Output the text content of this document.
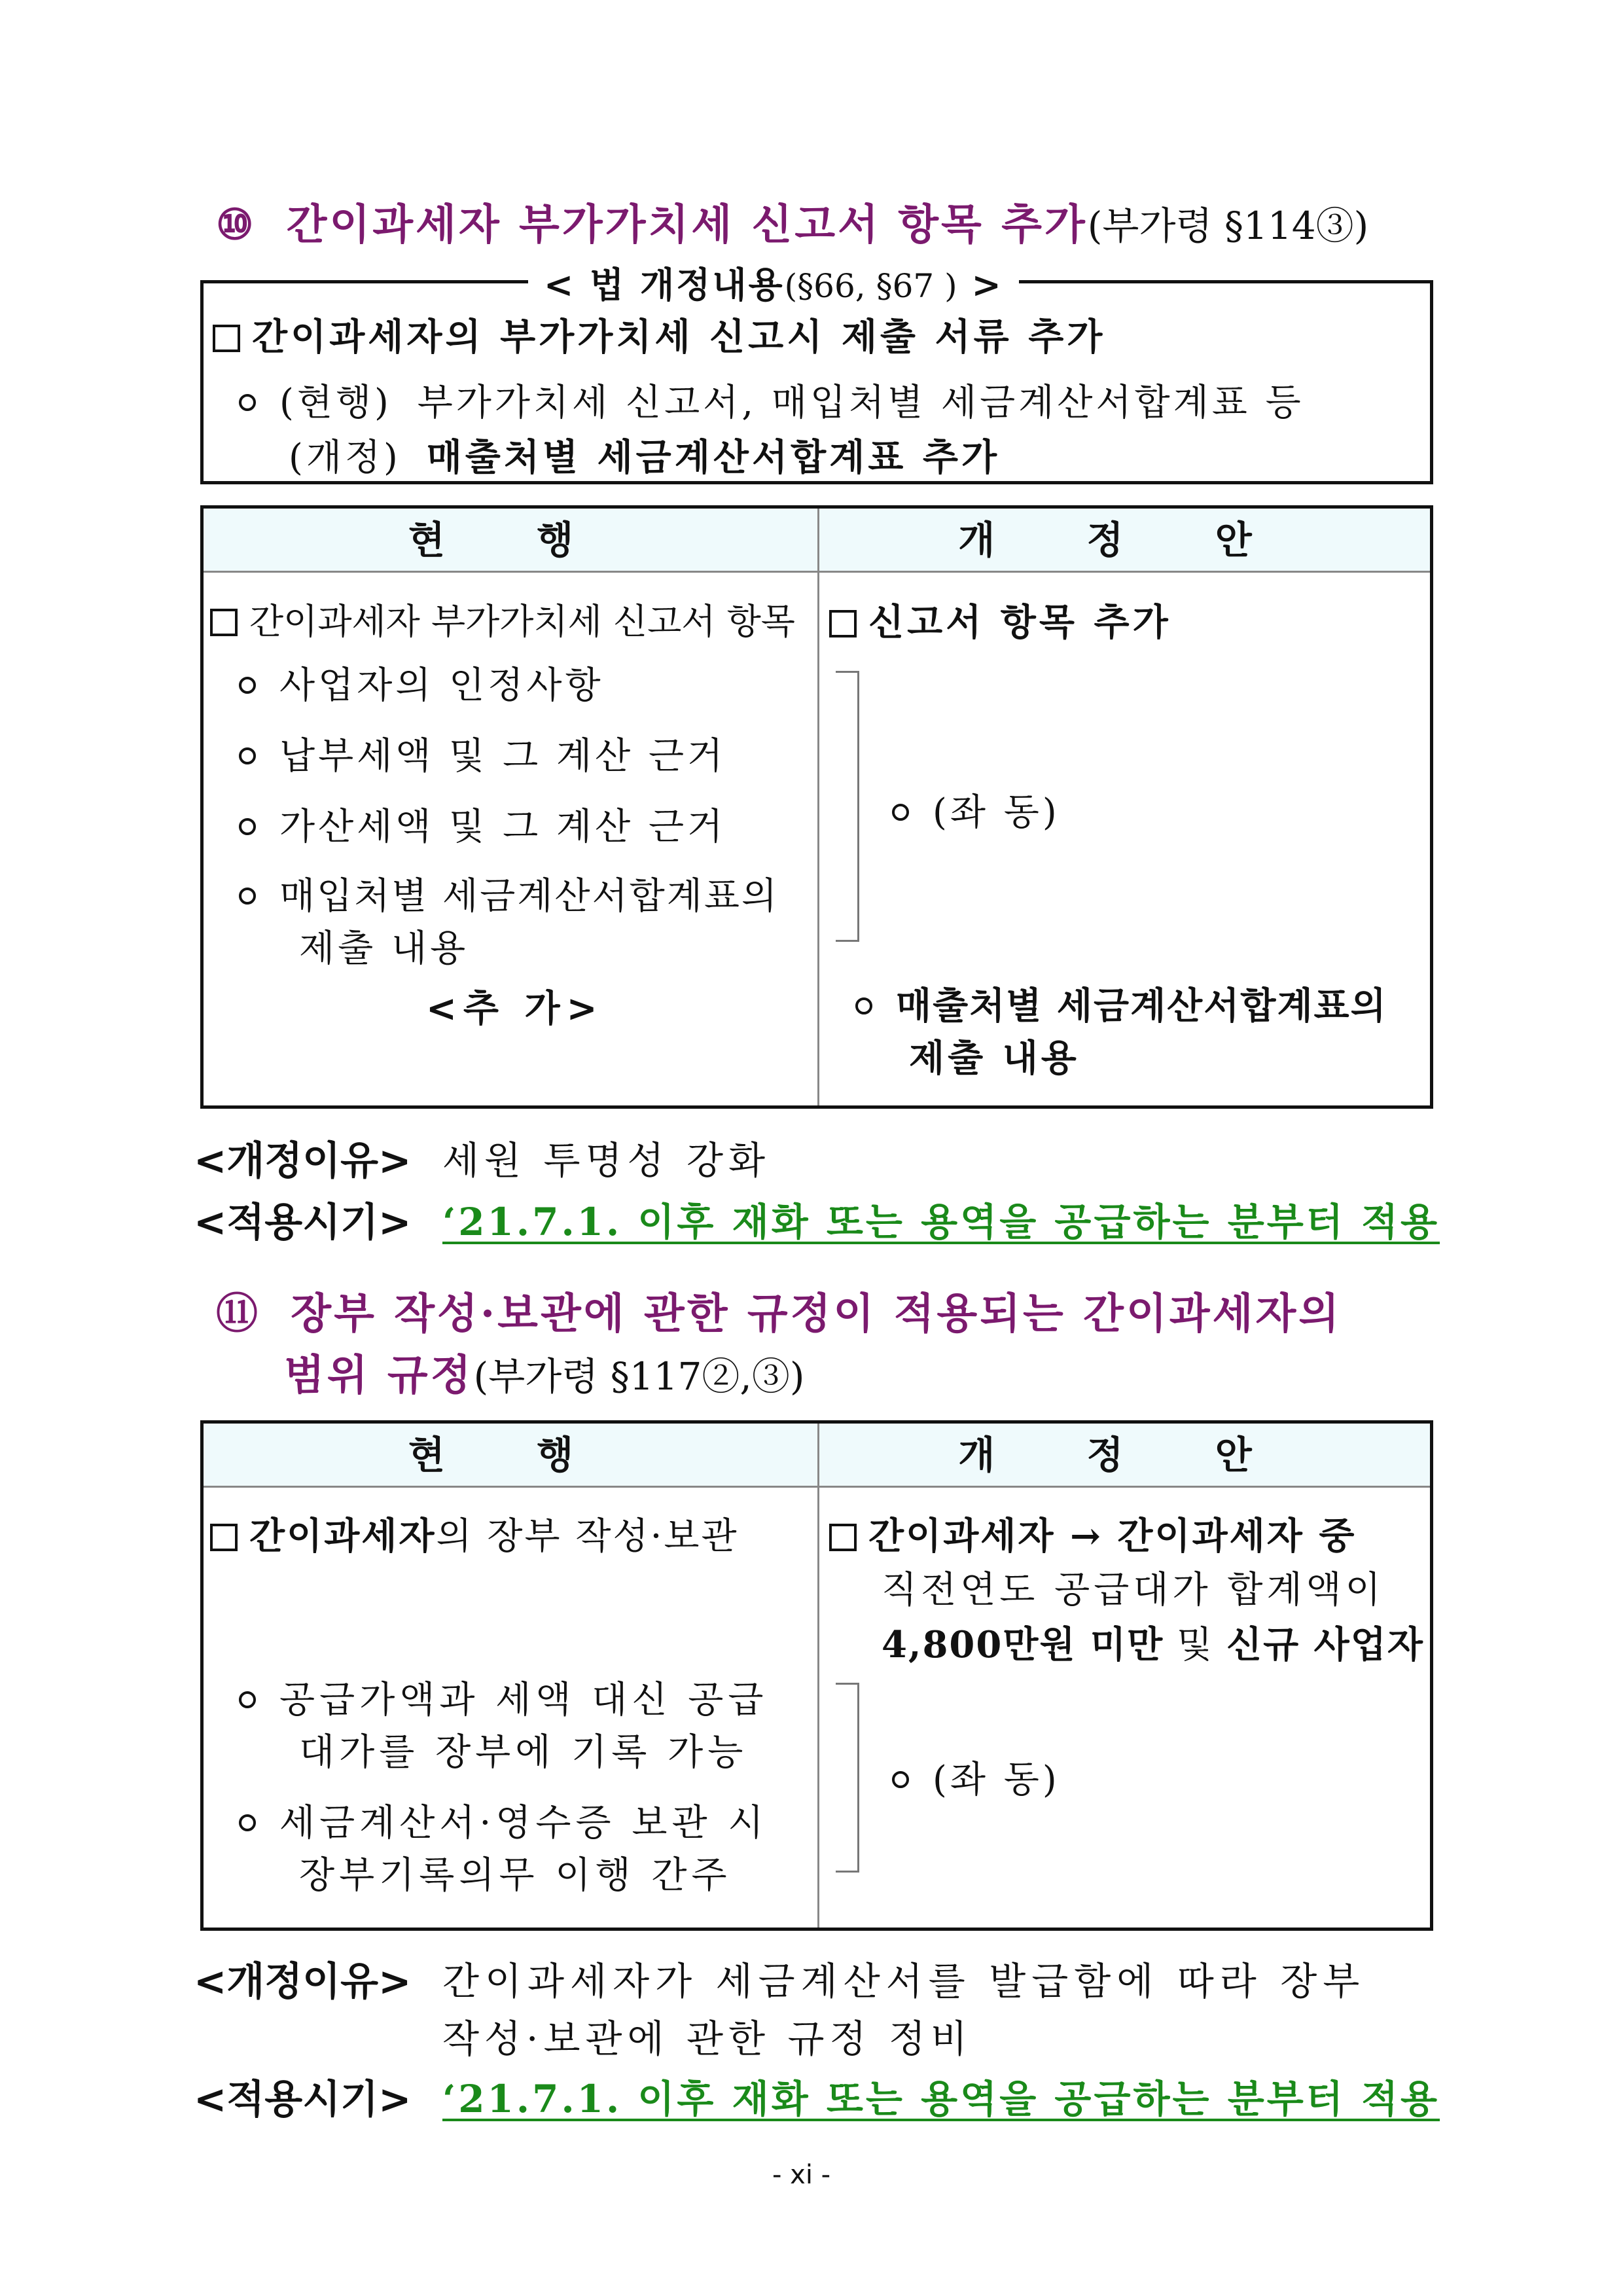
⑩ 간이과세자 부가가치세 신고서 항목 추가(부가령 §114③)
< 법 개정내용(§66, §67 ) >
간이과세자의 부가가치세 신고시 제출 서류 추가
(현행) 부가가치세 신고서, 매입처별 세금계산서합계표 등
(개정) 매출처별 세금계산서합계표 추가
현 행	개 정 안
간이과세자 부가가치세 신고서 항목
사업자의 인정사항
납부세액 및 그 계산 근거
가산세액 및 그 계산 근거
매입처별 세금계산서합계표의
제출 내용
<추 가>
신고서 항목 추가
(좌 동)
매출처별 세금계산서합계표의
제출 내용
<개정이유> 세원 투명성 강화
<적용시기> ‘21.7.1. 이후 재화 또는 용역을 공급하는 분부터 적용
⑪ 장부 작성·보관에 관한 규정이 적용되는 간이과세자의
범위 규정(부가령 §117②,③)
현 행	개 정 안
간이과세자의 장부 작성·보관
공급가액과 세액 대신 공급
대가를 장부에 기록 가능
세금계산서·영수증 보관 시
장부기록의무 이행 간주
간이과세자 → 간이과세자 중
직전연도 공급대가 합계액이
4,800만원 미만 및 신규 사업자
(좌 동)
<개정이유> 간이과세자가 세금계산서를 발급함에 따라 장부
작성·보관에 관한 규정 정비
<적용시기> ‘21.7.1. 이후 재화 또는 용역을 공급하는 분부터 적용
- xi -
